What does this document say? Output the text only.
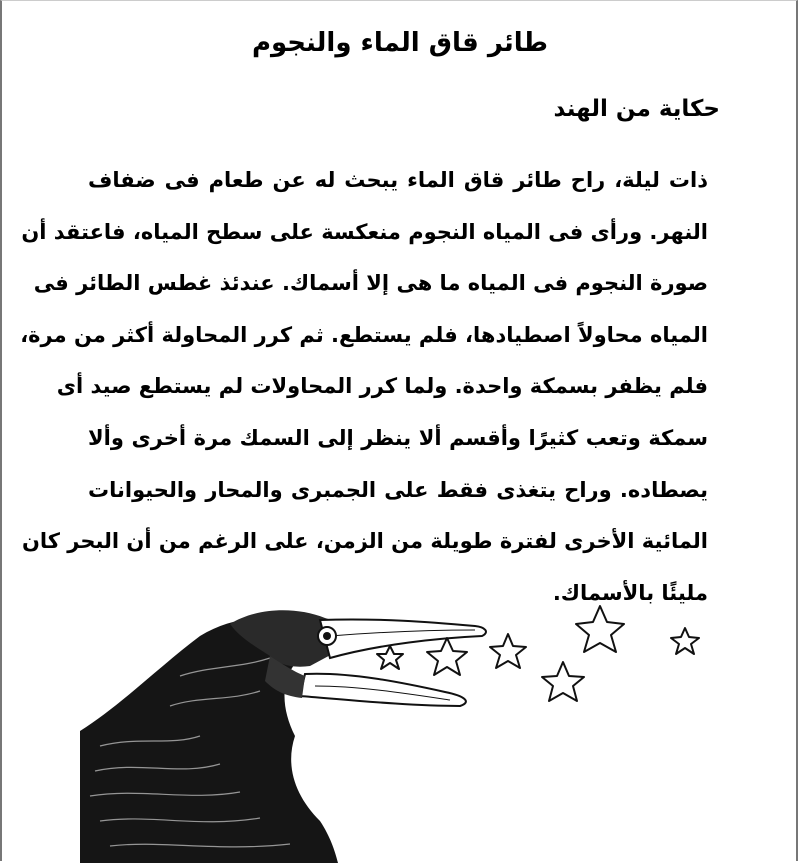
طائر قاق الماء والنجوم
حكاية من الهند
ذات ليلة، راح طائر قاق الماء يبحث له عن طعام فى ضفاف
النهر. ورأى فى المياه النجوم منعكسة على سطح المياه، فاعتقد أن
صورة النجوم فى المياه ما هى إلا أسماك. عندئذ غطس الطائر فى
المياه محاولاً اصطيادها، فلم يستطع. ثم كرر المحاولة أكثر من مرة،
فلم يظفر بسمكة واحدة. ولما كرر المحاولات لم يستطع صيد أى
سمكة وتعب كثيرًا وأقسم ألا ينظر إلى السمك مرة أخرى وألا
يصطاده. وراح يتغذى فقط على الجمبرى والمحار والحيوانات
المائية الأخرى لفترة طويلة من الزمن، على الرغم من أن البحر كان
مليئًا بالأسماك.
